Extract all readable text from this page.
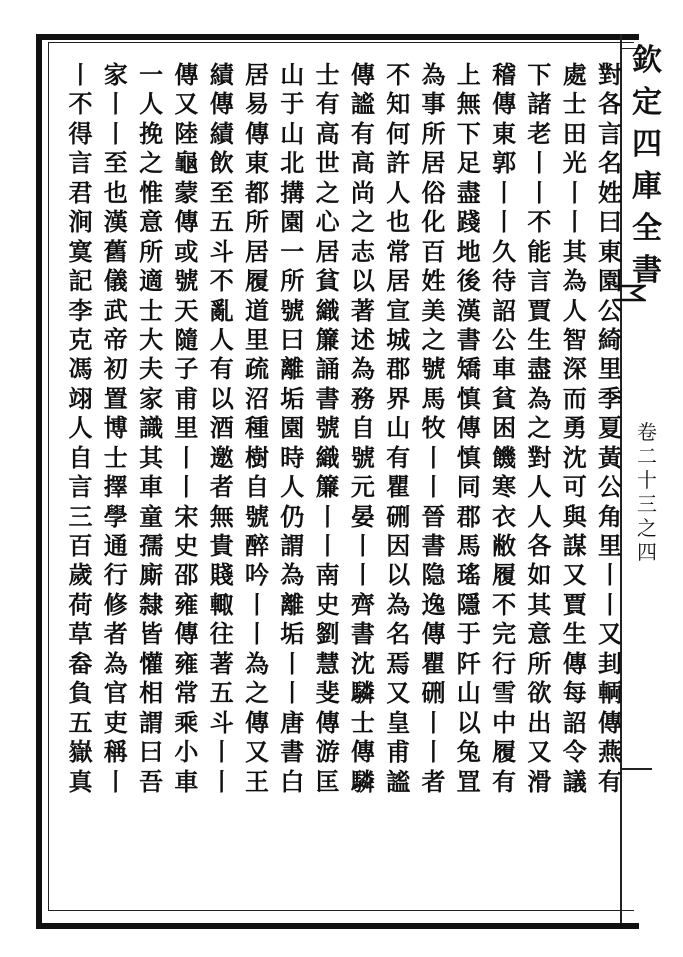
欽
定
四
庫
全
書
卷
二
十
三
之
四
對
各
言
名
姓
曰
東
園
公
綺
里
季
夏
黃
公
角
里
丨
丨
又
刲
輌
傳
燕
有
處
士
田
光
丨
丨
其
為
人
智
深
而
勇
沈
可
與
謀
又
賈
生
傳
每
詔
令
議
下
諸
老
丨
丨
不
能
言
賈
生
盡
為
之
對
人
人
各
如
其
意
所
欲
出
又
滑
稽
傳
東
郭
丨
丨
久
待
詔
公
車
貧
困
饑
寒
衣
敝
履
不
完
行
雪
中
履
有
上
無
下
足
盡
踐
地
後
漢
書
矯
慎
傳
慎
同
郡
馬
瑤
隱
于
阡
山
以
兔
罝
為
事
所
居
俗
化
百
姓
美
之
號
馬
牧
丨
丨
晉
書
隐
逸
傳
瞿
硎
丨
丨
者
不
知
何
許
人
也
常
居
宣
城
郡
界
山
有
瞿
硎
因
以
為
名
焉
又
皇
甫
謐
傳
謐
有
高
尚
之
志
以
著
述
為
務
自
號
元
晏
丨
丨
齊
書
沈
驎
士
傳
驎
士
有
高
世
之
心
居
貧
織
簾
誦
書
號
織
簾
丨
丨
南
史
劉
慧
斐
傳
游
匡
山
于
山
北
搆
園
一
所
號
曰
離
垢
園
時
人
仍
謂
為
離
垢
丨
丨
唐
書
白
居
易
傳
東
都
所
居
履
道
里
疏
沼
種
樹
自
號
醉
吟
丨
丨
為
之
傳
又
王
績
傳
績
飲
至
五
斗
不
亂
人
有
以
酒
邀
者
無
貴
賤
輙
往
著
五
斗
丨
丨
傳
又
陸
龜
蒙
傳
或
號
天
隨
子
甫
里
丨
丨
宋
史
邵
雍
傳
雍
常
乘
小
車
一
人
挽
之
惟
意
所
適
士
大
夫
家
識
其
車
童
孺
廝
隸
皆
懽
相
謂
曰
吾
家
丨
丨
至
也
漢
舊
儀
武
帝
初
置
博
士
擇
學
通
行
修
者
為
官
吏
稱
丨
丨
不
得
言
君
涧
寞
記
李
克
馮
翊
人
自
言
三
百
歲
荷
草
畚
負
五
嶽
真
